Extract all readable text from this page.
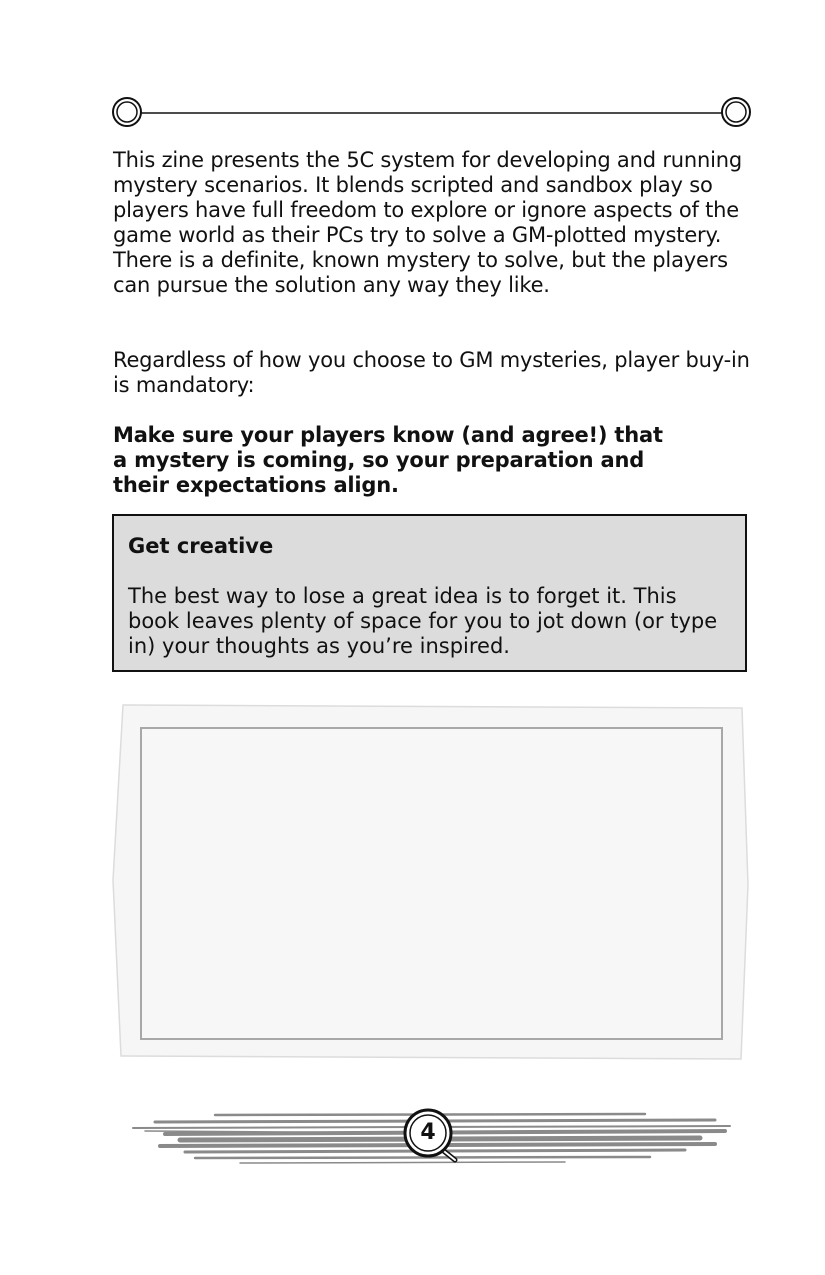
This zine presents the 5C system for developing and running mystery scenarios. It blends scripted and sandbox play so players have full freedom to explore or ignore aspects of the game world as their PCs try to solve a GM-plotted mystery. There is a definite, known mystery to solve, but the players can pursue the solution any way they like.

Regardless of how you choose to GM mysteries, player buy-in is mandatory:

Make sure your players know (and agree!) that a mystery is coming, so your preparation and their expectations align.

Get creative

The best way to lose a great idea is to forget it. This book leaves plenty of space for you to jot down (or type in) your thoughts as you’re inspired.

4
